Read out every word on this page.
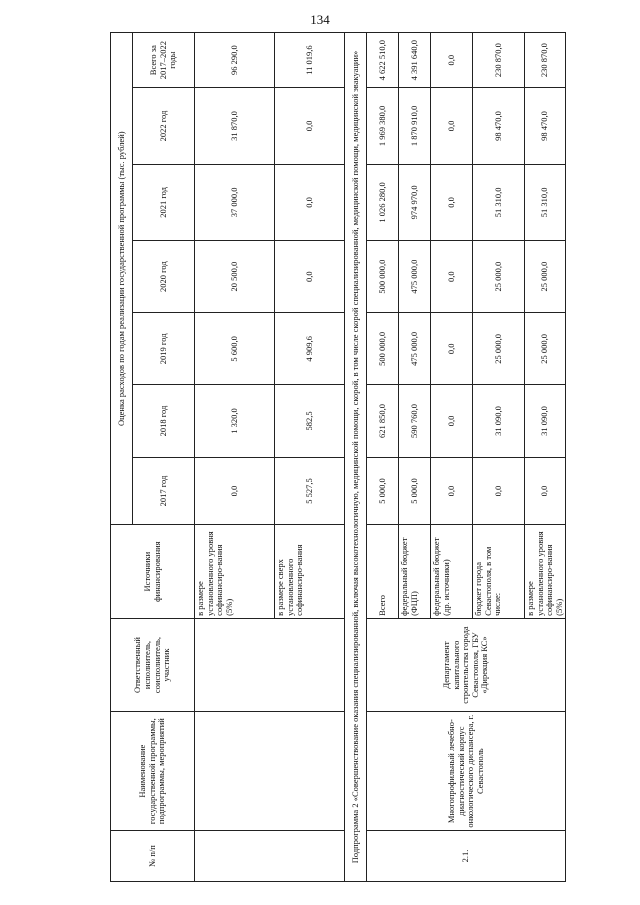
134
№ п/п	Наименование государственной программы, подпрограммы, мероприятий	Ответственный исполнитель, соисполнитель, участник	Источники финансирования	Оценка расходов по годам реализации государственной программы (тыс. рублей)						
				2017 год	2018 год	2019 год	2020 год	2021 год	2022 год	Всего за 2017–2022 годы
			в размере установленного уровня софинансиро-вания (5%)	0,0	1 320,0	5 600,0	20 500,0	37 000,0	31 870,0	96 290,0
			в размере сверх установленного софинансиро-вания	5 527,5	582,5	4 909,6	0,0	0,0	0,0	11 019,6
Подпрограмма 2 «Совершенствование оказания специализированной, включая высокотехнологичную, медицинской помощи, скорой, в том числе скорой специализированной, медицинской помощи, медицинской эвакуации»										
2.1.	Многопрофильный лечебно-диагностический корпус онкологического диспансера, г. Севастополь	Департамент капитального строительства города Севастополя, ГБУ «Дирекция КС»	Всего	5 000,0	621 850,0	500 000,0	500 000,0	1 026 280,0	1 969 380,0	4 622 510,0
			федеральный бюджет (ФЦП)	5 000,0	590 760,0	475 000,0	475 000,0	974 970,0	1 870 910,0	4 391 640,0
			федеральный бюджет (др. источники)	0,0	0,0	0,0	0,0	0,0	0,0	0,0
			бюджет города Севастополя, в том числе:	0,0	31 090,0	25 000,0	25 000,0	51 310,0	98 470,0	230 870,0
			в размере установленного уровня софинансиро-вания (5%)	0,0	31 090,0	25 000,0	25 000,0	51 310,0	98 470,0	230 870,0
